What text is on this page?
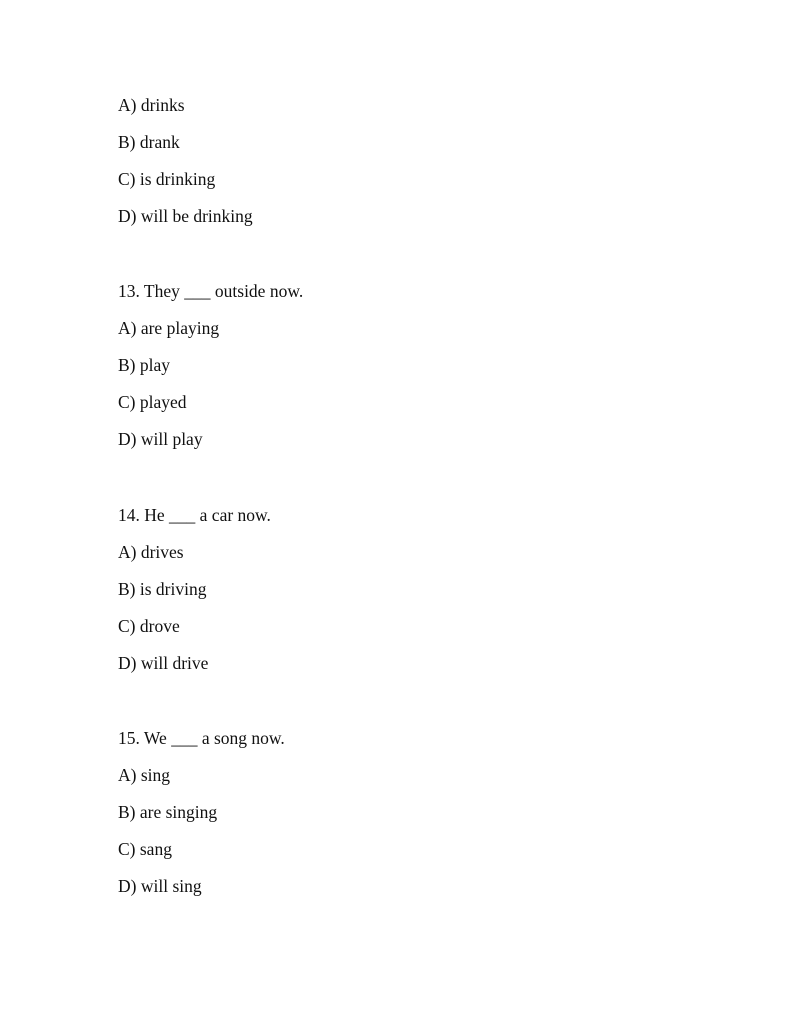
A) drinks
B) drank
C) is drinking
D) will be drinking
13. They ___ outside now.
A) are playing
B) play
C) played
D) will play
14. He ___ a car now.
A) drives
B) is driving
C) drove
D) will drive
15. We ___ a song now.
A) sing
B) are singing
C) sang
D) will sing
